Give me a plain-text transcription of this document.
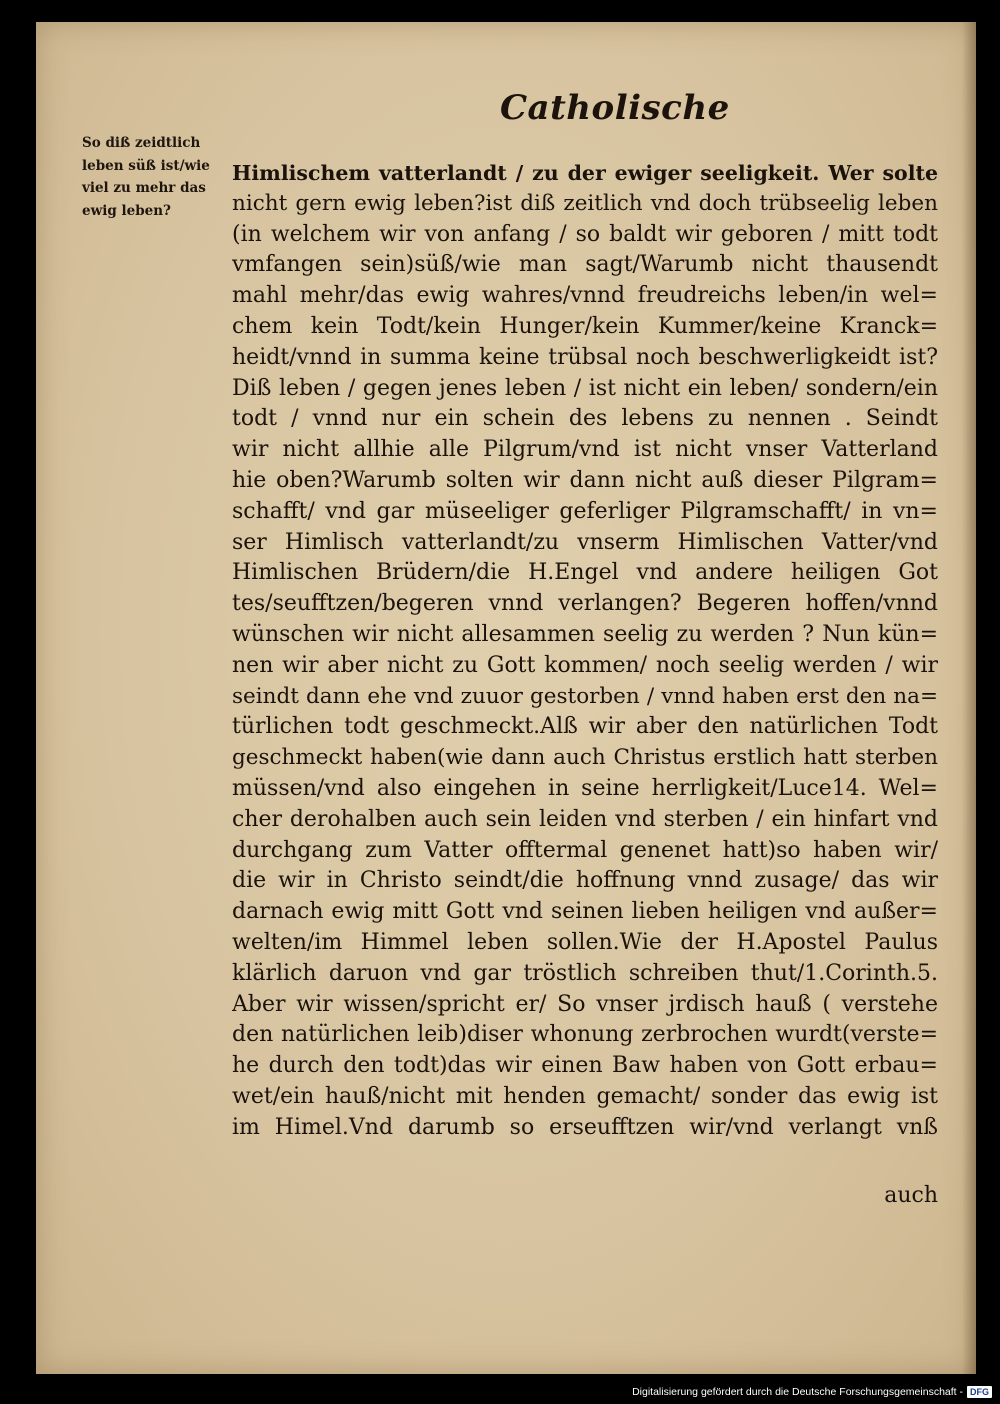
Catholische
So diß zeidtlich
leben süß ist/wie
viel zu mehr das
ewig leben?
Himlischem vatterlandt / zu der ewiger seeligkeit. Wer solte
nicht gern ewig leben?ist diß zeitlich vnd doch trübseelig leben
(in welchem wir von anfang / so baldt wir geboren / mitt todt
vmfangen sein)süß/wie man sagt/Warumb nicht thausendt
mahl mehr/das ewig wahres/vnnd freudreichs leben/in wel=
chem kein Todt/kein Hunger/kein Kummer/keine Kranck=
heidt/vnnd in summa keine trübsal noch beschwerligkeidt ist?
Diß leben / gegen jenes leben / ist nicht ein leben/ sondern/ein
todt / vnnd nur ein schein des lebens zu nennen . Seindt
wir nicht allhie alle Pilgrum/vnd ist nicht vnser Vatterland
hie oben?Warumb solten wir dann nicht auß dieser Pilgram=
schafft/ vnd gar müseeliger geferliger Pilgramschafft/ in vn=
ser Himlisch vatterlandt/zu vnserm Himlischen Vatter/vnd
Himlischen Brüdern/die H.Engel vnd andere heiligen Got
tes/seufftzen/begeren vnnd verlangen? Begeren hoffen/vnnd
wünschen wir nicht allesammen seelig zu werden ? Nun kün=
nen wir aber nicht zu Gott kommen/ noch seelig werden / wir
seindt dann ehe vnd zuuor gestorben / vnnd haben erst den na=
türlichen todt geschmeckt.Alß wir aber den natürlichen Todt
geschmeckt haben(wie dann auch Christus erstlich hatt sterben
müssen/vnd also eingehen in seine herrligkeit/Luce14. Wel=
cher derohalben auch sein leiden vnd sterben / ein hinfart vnd
durchgang zum Vatter offtermal genenet hatt)so haben wir/
die wir in Christo seindt/die hoffnung vnnd zusage/ das wir
darnach ewig mitt Gott vnd seinen lieben heiligen vnd außer=
welten/im Himmel leben sollen.Wie der H.Apostel Paulus
klärlich daruon vnd gar tröstlich schreiben thut/1.Corinth.5.
Aber wir wissen/spricht er/ So vnser jrdisch hauß ( verstehe
den natürlichen leib)diser whonung zerbrochen wurdt(verste=
he durch den todt)das wir einen Baw haben von Gott erbau=
wet/ein hauß/nicht mit henden gemacht/ sonder das ewig ist
im Himel.Vnd darumb so erseufftzen wir/vnd verlangt vnß
auch
Digitalisierung gefördert durch die Deutsche Forschungsgemeinschaft - DFG
